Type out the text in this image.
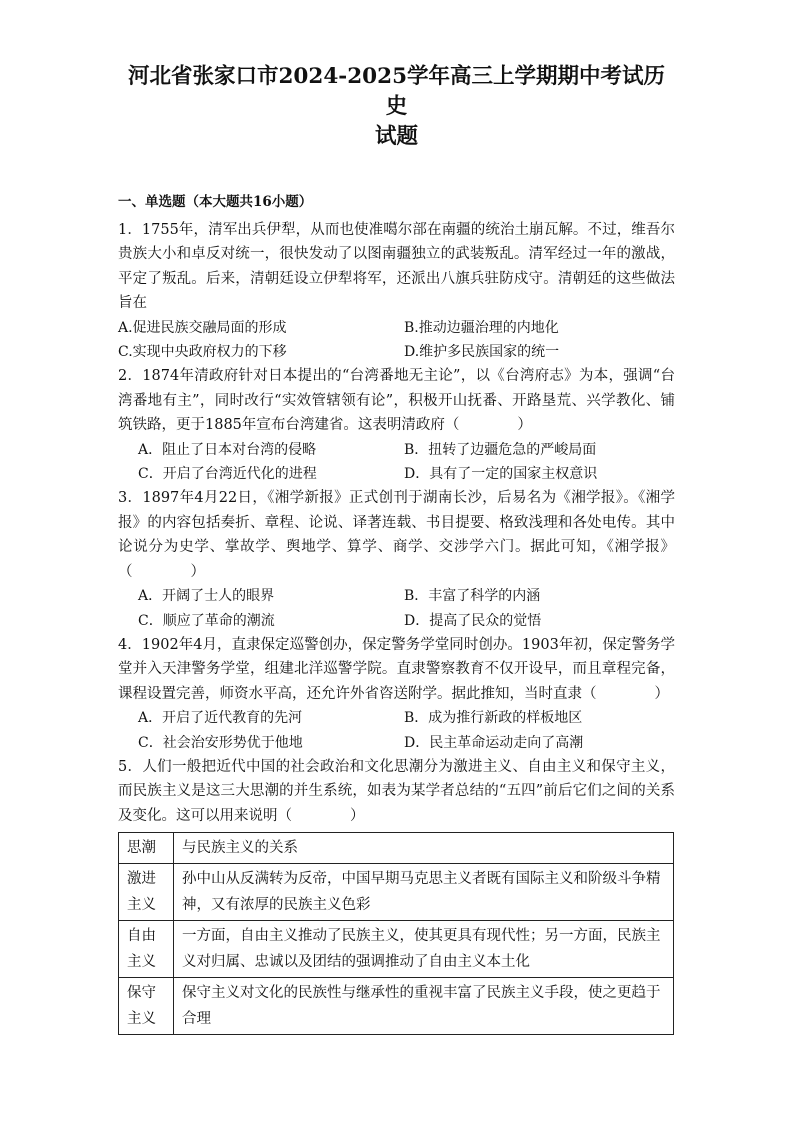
河北省张家口市2024-2025学年高三上学期期中考试历史
试题
一、单选题（本大题共16小题）

1．1755年，清军出兵伊犁，从而也使准噶尔部在南疆的统治土崩瓦解。不过，维吾尔贵族大小和卓反对统一，很快发动了以图南疆独立的武装叛乱。清军经过一年的激战，平定了叛乱。后来，清朝廷设立伊犁将军，还派出八旗兵驻防戍守。清朝廷的这些做法旨在

A.促进民族交融局面的形成	B.推动边疆治理的内地化
C.实现中央政府权力的下移	D.维护多民族国家的统一

2．1874年清政府针对日本提出的“台湾番地无主论”，以《台湾府志》为本，强调“台湾番地有主”，同时改行“实效管辖领有论”，积极开山抚番、开路垦荒、兴学教化、铺筑铁路，更于1885年宣布台湾建省。这表明清政府（　　　　）

A．阻止了日本对台湾的侵略	B．扭转了边疆危急的严峻局面
C．开启了台湾近代化的进程	D．具有了一定的国家主权意识

3．1897年4月22日，《湘学新报》正式创刊于湖南长沙，后易名为《湘学报》。《湘学报》的内容包括奏折、章程、论说、译著连载、书目提要、格致浅理和各处电传。其中论说分为史学、掌故学、舆地学、算学、商学、交涉学六门。据此可知，《湘学报》（　　　　）

A．开阔了士人的眼界	B．丰富了科学的内涵
C．顺应了革命的潮流	D．提高了民众的觉悟

4．1902年4月，直隶保定巡警创办，保定警务学堂同时创办。1903年初，保定警务学堂并入天津警务学堂，组建北洋巡警学院。直隶警察教育不仅开设早，而且章程完备，课程设置完善，师资水平高，还允许外省咨送附学。据此推知，当时直隶（　　　　）

A．开启了近代教育的先河	B．成为推行新政的样板地区
C．社会治安形势优于他地	D．民主革命运动走向了高潮

5．人们一般把近代中国的社会政治和文化思潮分为激进主义、自由主义和保守主义，而民族主义是这三大思潮的并生系统，如表为某学者总结的“五四”前后它们之间的关系及变化。这可以用来说明（　　　　）

思潮	与民族主义的关系
激进主义	孙中山从反满转为反帝，中国早期马克思主义者既有国际主义和阶级斗争精神，又有浓厚的民族主义色彩
自由主义	一方面，自由主义推动了民族主义，使其更具有现代性；另一方面，民族主义对归属、忠诚以及团结的强调推动了自由主义本土化
保守主义	保守主义对文化的民族性与继承性的重视丰富了民族主义手段，使之更趋于合理
